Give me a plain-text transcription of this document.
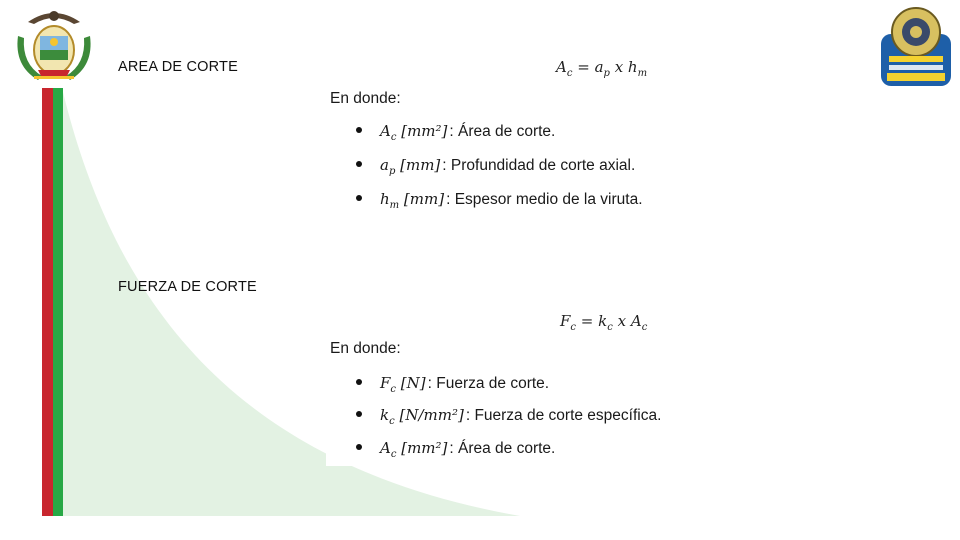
AREA DE CORTE	$A_c = a_p$ x $h_m$
En donde:
$A_c$ [mm²] : Área de corte.
$a_p$ [mm] : Profundidad de corte axial.
$h_m$ [mm] : Espesor medio de la viruta.
FUERZA DE CORTE
$F_c = k_c$ x $A_c$
En donde:
$F_c$ [N] : Fuerza de corte.
$k_c$ [N/mm²] : Fuerza de corte específica.
$A_c$ [mm²] : Área de corte.
